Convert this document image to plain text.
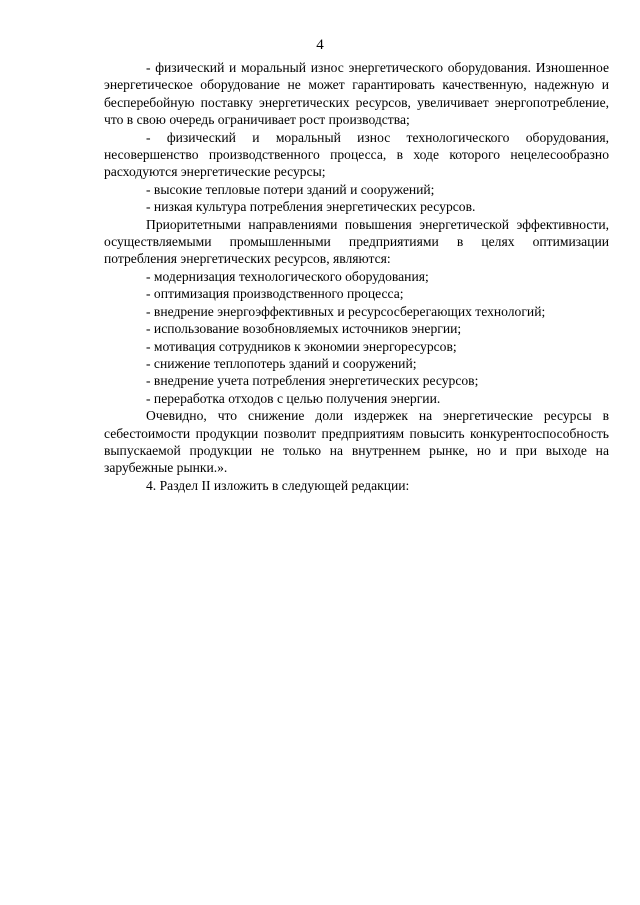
4

- физический и моральный износ энергетического оборудования. Изношенное энергетическое оборудование не может гарантировать качественную, надежную и бесперебойную поставку энергетических ресурсов, увеличивает энергопотребление, что в свою очередь ограничивает рост производства;

- физический и моральный износ технологического оборудования, несовершенство производственного процесса, в ходе которого нецелесообразно расходуются энергетические ресурсы;

- высокие тепловые потери зданий и сооружений;

- низкая культура потребления энергетических ресурсов.

Приоритетными направлениями повышения энергетической эффективности, осуществляемыми промышленными предприятиями в целях оптимизации потребления энергетических ресурсов, являются:

- модернизация технологического оборудования;

- оптимизация производственного процесса;

- внедрение энергоэффективных и ресурсосберегающих технологий;

- использование возобновляемых источников энергии;

- мотивация сотрудников к экономии энергоресурсов;

- снижение теплопотерь зданий и сооружений;

- внедрение учета потребления энергетических ресурсов;

- переработка отходов с целью получения энергии.

Очевидно, что снижение доли издержек на энергетические ресурсы в себестоимости продукции позволит предприятиям повысить конкурентоспособность выпускаемой продукции не только на внутреннем рынке, но и при выходе на зарубежные рынки.».

4. Раздел II изложить в следующей редакции:
